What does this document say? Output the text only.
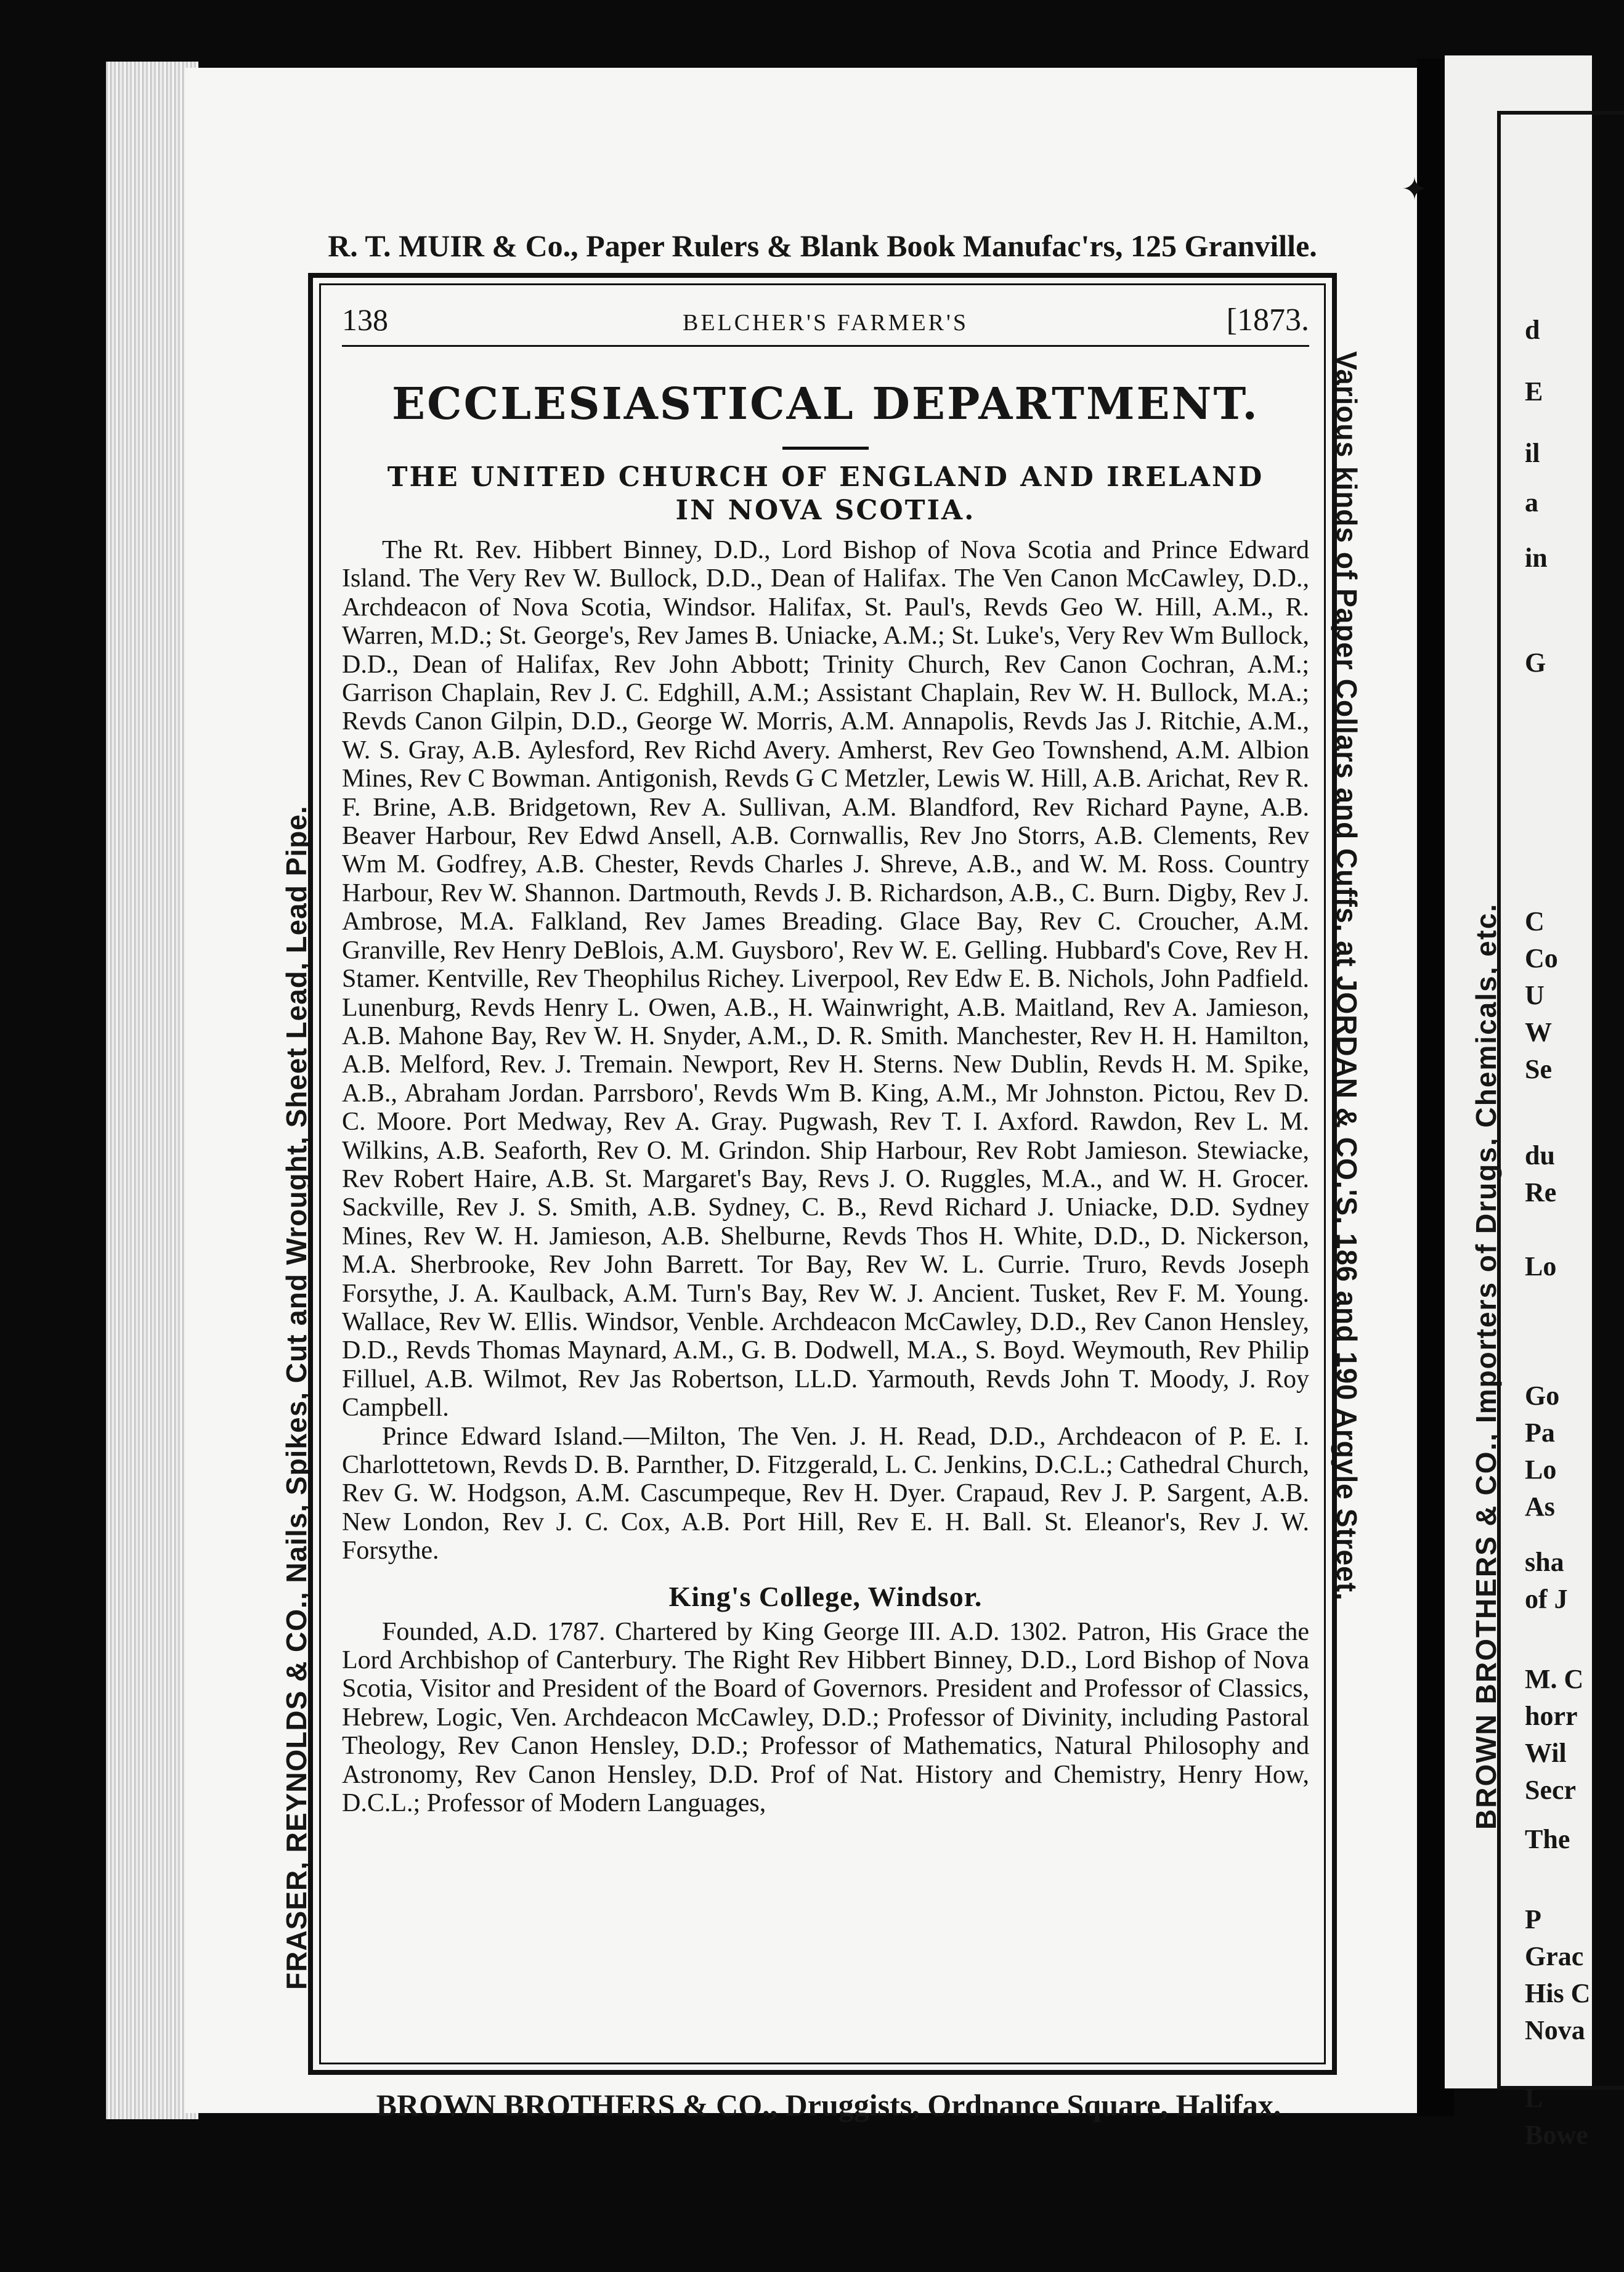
BROWN BROTHERS & CO., Importers of Drugs, Chemicals, etc.
d
E
il
a
in
G
C
Co
U
W
Se
du
Re
Lo
Go
Pa
Lo
As
sha
of J
M. C
horr
Wil
Secr
The
P
Grac
His C
Nova
L
Bowe
✦
R. T. MUIR & Co., Paper Rulers & Blank Book Manufac'rs, 125 Granville.
FRASER, REYNOLDS & CO., Nails, Spikes, Cut and Wrought, Sheet Lead, Lead Pipe.	Various kinds of Paper Collars and Cuffs, at JORDAN & CO.'S, 186 and 190 Argyle Street.
BROWN BROTHERS & CO., Druggists, Ordnance Square, Halifax.
138	BELCHER'S FARMER'S	[1873.
ECCLESIASTICAL DEPARTMENT.
THE UNITED CHURCH OF ENGLAND AND IRELAND
IN NOVA SCOTIA.

The Rt. Rev. Hibbert Binney, D.D., Lord Bishop of Nova Scotia and Prince Edward Island. The Very Rev W. Bullock, D.D., Dean of Halifax. The Ven Canon McCawley, D.D., Archdeacon of Nova Scotia, Windsor. Halifax, St. Paul's, Revds Geo W. Hill, A.M., R. Warren, M.D.; St. George's, Rev James B. Uniacke, A.M.; St. Luke's, Very Rev Wm Bullock, D.D., Dean of Halifax, Rev John Abbott; Trinity Church, Rev Canon Cochran, A.M.; Garrison Chaplain, Rev J. C. Edghill, A.M.; Assistant Chaplain, Rev W. H. Bullock, M.A.; Revds Canon Gilpin, D.D., George W. Morris, A.M. Annapolis, Revds Jas J. Ritchie, A.M., W. S. Gray, A.B. Aylesford, Rev Richd Avery. Amherst, Rev Geo Townshend, A.M. Albion Mines, Rev C Bowman. Antigonish, Revds G C Metzler, Lewis W. Hill, A.B. Arichat, Rev R. F. Brine, A.B. Bridgetown, Rev A. Sullivan, A.M. Blandford, Rev Richard Payne, A.B. Beaver Harbour, Rev Edwd Ansell, A.B. Cornwallis, Rev Jno Storrs, A.B. Clements, Rev Wm M. Godfrey, A.B. Chester, Revds Charles J. Shreve, A.B., and W. M. Ross. Country Harbour, Rev W. Shannon. Dartmouth, Revds J. B. Richardson, A.B., C. Burn. Digby, Rev J. Ambrose, M.A. Falkland, Rev James Breading. Glace Bay, Rev C. Croucher, A.M. Granville, Rev Henry DeBlois, A.M. Guysboro', Rev W. E. Gelling. Hubbard's Cove, Rev H. Stamer. Kentville, Rev Theophilus Richey. Liverpool, Rev Edw E. B. Nichols, John Padfield. Lunenburg, Revds Henry L. Owen, A.B., H. Wainwright, A.B. Maitland, Rev A. Jamieson, A.B. Mahone Bay, Rev W. H. Snyder, A.M., D. R. Smith. Manchester, Rev H. H. Hamilton, A.B. Melford, Rev. J. Tremain. Newport, Rev H. Sterns. New Dublin, Revds H. M. Spike, A.B., Abraham Jordan. Parrsboro', Revds Wm B. King, A.M., Mr Johnston. Pictou, Rev D. C. Moore. Port Medway, Rev A. Gray. Pugwash, Rev T. I. Axford. Rawdon, Rev L. M. Wilkins, A.B. Seaforth, Rev O. M. Grindon. Ship Harbour, Rev Robt Jamieson. Stewiacke, Rev Robert Haire, A.B. St. Margaret's Bay, Revs J. O. Ruggles, M.A., and W. H. Grocer. Sackville, Rev J. S. Smith, A.B. Sydney, C. B., Revd Richard J. Uniacke, D.D. Sydney Mines, Rev W. H. Jamieson, A.B. Shelburne, Revds Thos H. White, D.D., D. Nickerson, M.A. Sherbrooke, Rev John Barrett. Tor Bay, Rev W. L. Currie. Truro, Revds Joseph Forsythe, J. A. Kaulback, A.M. Turn's Bay, Rev W. J. Ancient. Tusket, Rev F. M. Young. Wallace, Rev W. Ellis. Windsor, Venble. Archdeacon McCawley, D.D., Rev Canon Hensley, D.D., Revds Thomas Maynard, A.M., G. B. Dodwell, M.A., S. Boyd. Weymouth, Rev Philip Filluel, A.B. Wilmot, Rev Jas Robertson, LL.D. Yarmouth, Revds John T. Moody, J. Roy Campbell.

Prince Edward Island.—Milton, The Ven. J. H. Read, D.D., Archdeacon of P. E. I. Charlottetown, Revds D. B. Parnther, D. Fitzgerald, L. C. Jenkins, D.C.L.; Cathedral Church, Rev G. W. Hodgson, A.M. Cascumpeque, Rev H. Dyer. Crapaud, Rev J. P. Sargent, A.B. New London, Rev J. C. Cox, A.B. Port Hill, Rev E. H. Ball. St. Eleanor's, Rev J. W. Forsythe.

King's College, Windsor.

Founded, A.D. 1787. Chartered by King George III. A.D. 1302. Patron, His Grace the Lord Archbishop of Canterbury. The Right Rev Hibbert Binney, D.D., Lord Bishop of Nova Scotia, Visitor and President of the Board of Governors. President and Professor of Classics, Hebrew, Logic, Ven. Archdeacon McCawley, D.D.; Professor of Divinity, including Pastoral Theology, Rev Canon Hensley, D.D.; Professor of Mathematics, Natural Philosophy and Astronomy, Rev Canon Hensley, D.D. Prof of Nat. History and Chemistry, Henry How, D.C.L.; Professor of Modern Languages,
